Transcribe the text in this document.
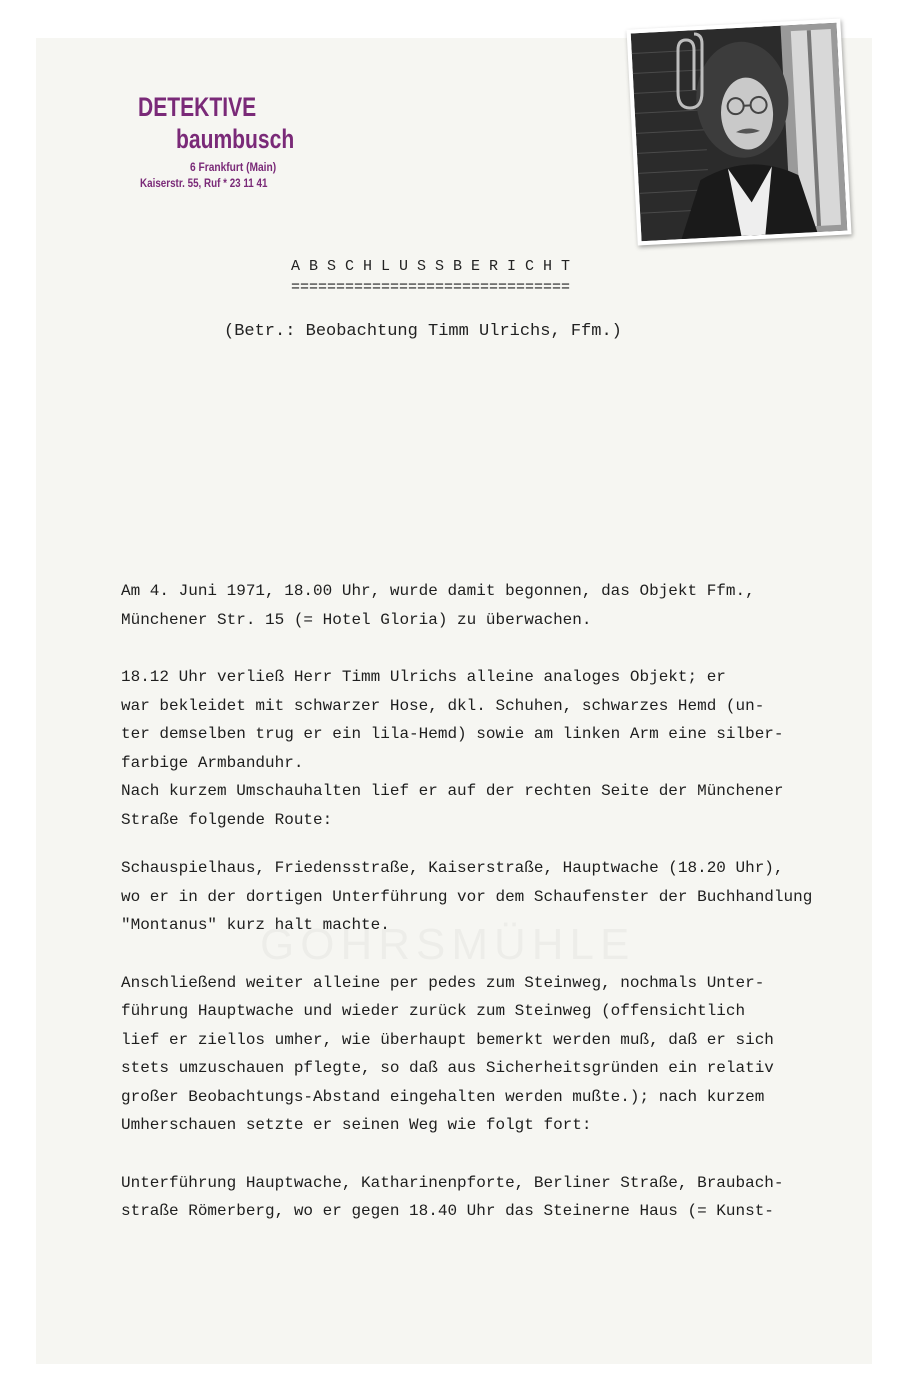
DETEKTIVE
baumbusch
6 Frankfurt (Main)
Kaiserstr. 55, Ruf * 23 11 41
A B S C H L U S S B E R I C H T
===============================
(Betr.: Beobachtung Timm Ulrichs, Ffm.)
Am 4. Juni 1971, 18.00 Uhr, wurde damit begonnen, das Objekt Ffm.,
Münchener Str. 15 (= Hotel Gloria) zu überwachen.
18.12 Uhr verließ Herr Timm Ulrichs alleine analoges Objekt; er
war bekleidet mit schwarzer Hose, dkl. Schuhen, schwarzes Hemd (un-
ter demselben trug er ein lila-Hemd) sowie am linken Arm eine silber-
farbige Armbanduhr.
Nach kurzem Umschauhalten lief er auf der rechten Seite der Münchener
Straße folgende Route:
Schauspielhaus, Friedensstraße, Kaiserstraße, Hauptwache (18.20 Uhr),
wo er in der dortigen Unterführung vor dem Schaufenster der Buchhandlung
"Montanus" kurz halt machte.
Anschließend weiter alleine per pedes zum Steinweg, nochmals Unter-
führung Hauptwache und wieder zurück zum Steinweg (offensichtlich
lief er ziellos umher, wie überhaupt bemerkt werden muß, daß er sich
stets umzuschauen pflegte, so daß aus Sicherheitsgründen ein relativ
großer Beobachtungs-Abstand eingehalten werden mußte.); nach kurzem
Umherschauen setzte er seinen Weg wie folgt fort:
Unterführung Hauptwache, Katharinenpforte, Berliner Straße, Braubach-
straße Römerberg, wo er gegen 18.40 Uhr das Steinerne Haus (= Kunst-
